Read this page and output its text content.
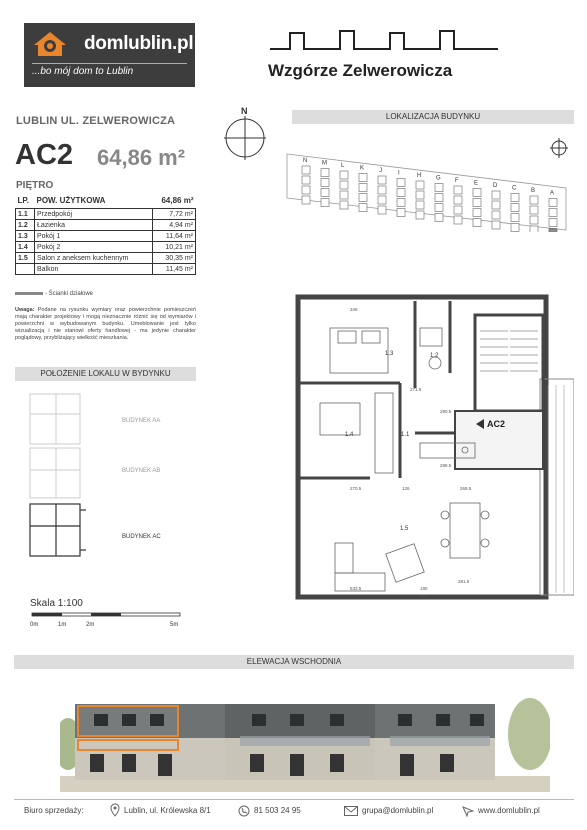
domlublin.pl
...bo mój dom to Lublin	Wzgórze Zelwerowicza
LUBLIN UL. ZELWEROWICZA
AC2 64,86 m²
PIĘTRO
LP.	POW. UŻYTKOWA	64,86 m²
1.1	Przedpokój	7,72 m²
1.2	Łazienka	4,94 m²
1.3	Pokój 1	11,64 m²
1.4	Pokój 2	10,21 m²
1.5	Salon z aneksem kuchennym	30,35 m²
	Balkon	11,45 m²
- Ścianki działowe
Uwaga: Podane na rysunku wymiary oraz powierzchnie pomieszczeń mają charakter projektowy i mogą nieznacznie różnić się od wymiarów i powierzchni w wybudowanym budynku. Umeblowanie jest tylko wizualizacją i nie stanowi oferty handlowej - ma jedynie charakter poglądowy, przybliżający wielkość mieszkania.
POŁOŻENIE LOKALU W BYDYNKU
BUDYNEK AA
BUDYNEK AB
BUDYNEK AC
Skala 1:100
0m	1m	2m	5m
N
LOKALIZACJA BUDYNKU
N M L	K J	I	H G F	E D C B A
AC2
1.3	1.2
1.4	1.1
1.5
349
271.5
270.5	126	269.5
288.5
533.5	180
661
281.5
280.5
ELEWACJA WSCHODNIA
Biuro sprzedaży:	Lublin, ul. Królewska 8/1	81 503 24 95	grupa@domlublin.pl	www.domlublin.pl
